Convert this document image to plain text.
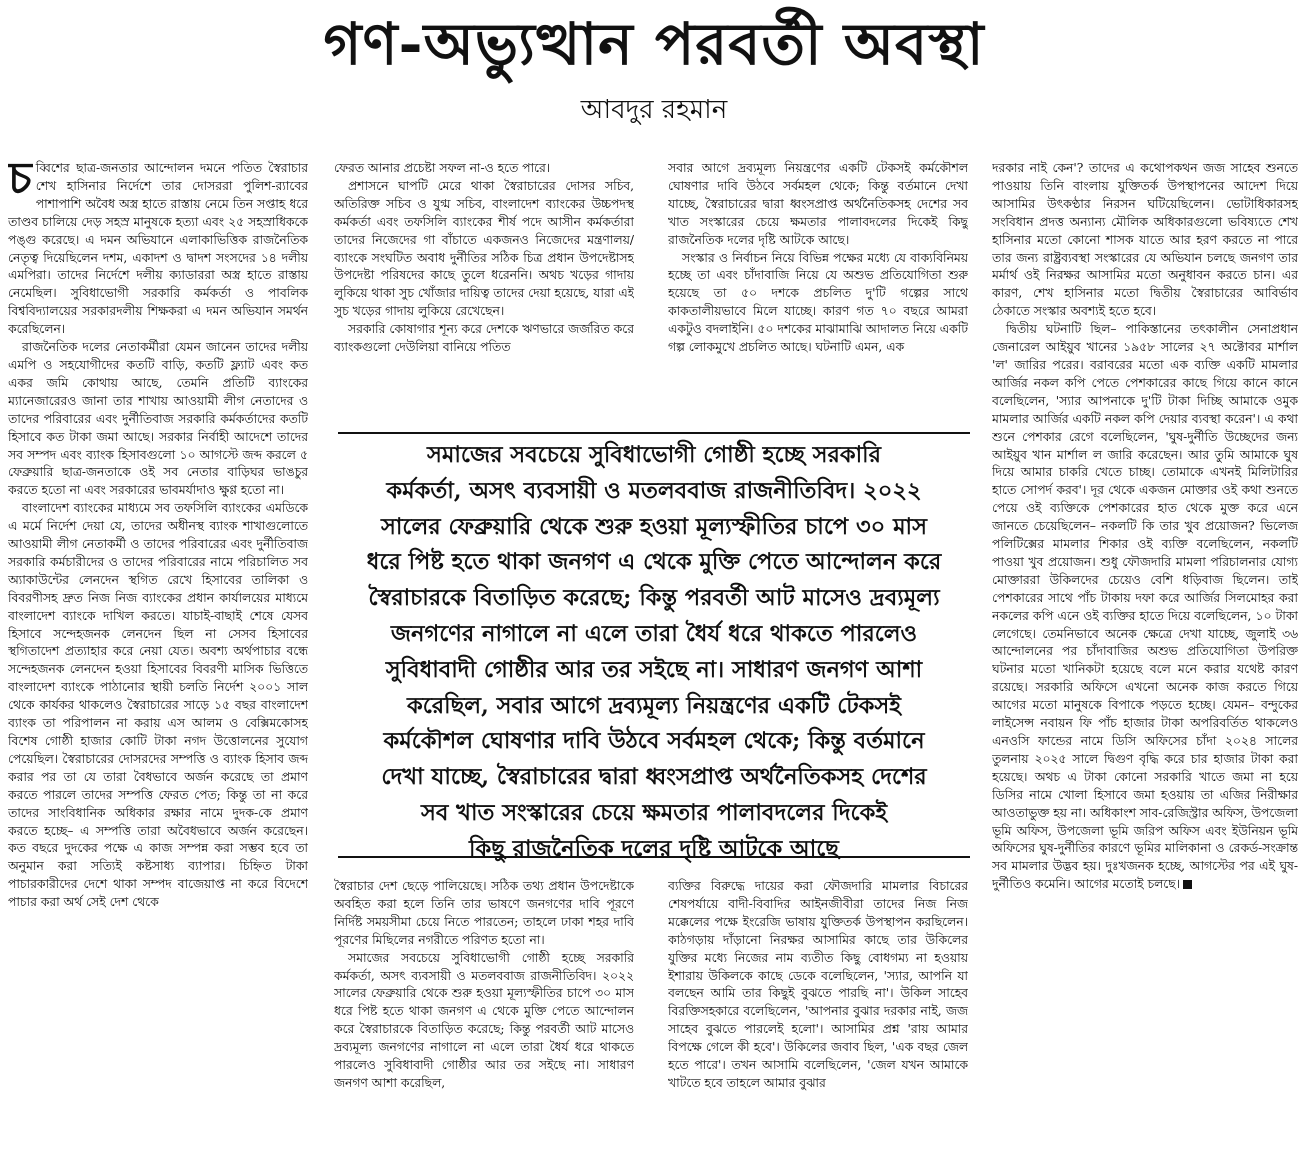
গণ-অভ্যুত্থান পরবর্তী অবস্থা
আবদুর রহমান

চব্বিশের ছাত্র-জনতার আন্দোলন দমনে পতিত স্বৈরাচার শেখ হাসিনার নির্দেশে তার দোসররা পুলিশ-র‍্যাবের পাশাপাশি অবৈধ অস্ত্র হাতে রাস্তায় নেমে তিন সপ্তাহ ধরে তাণ্ডব চালিয়ে দেড় সহস্র মানুষকে হত্যা এবং ২৫ সহস্রাধিককে পঙ্গু করেছে। এ দমন অভিযানে এলাকাভিত্তিক রাজনৈতিক নেতৃত্ব দিয়েছিলেন দশম, একাদশ ও দ্বাদশ সংসদের ১৪ দলীয় এমপিরা। তাদের নির্দেশে দলীয় ক্যাডাররা অস্ত্র হাতে রাস্তায় নেমেছিল। সুবিধাভোগী সরকারি কর্মকর্তা ও পাবলিক বিশ্ববিদ্যালয়ের সরকারদলীয় শিক্ষকরা এ দমন অভিযান সমর্থন করেছিলেন।

রাজনৈতিক দলের নেতাকর্মীরা যেমন জানেন তাদের দলীয় এমপি ও সহযোগীদের কতটি বাড়ি, কতটি ফ্ল্যাট এবং কত একর জমি কোথায় আছে, তেমনি প্রতিটি ব্যাংকের ম্যানেজারেরও জানা তার শাখায় আওয়ামী লীগ নেতাদের ও তাদের পরিবারের এবং দুর্নীতিবাজ সরকারি কর্মকর্তাদের কতটি হিসাবে কত টাকা জমা আছে। সরকার নির্বাহী আদেশে তাদের সব সম্পদ এবং ব্যাংক হিসাবগুলো ১০ আগস্টে জব্দ করলে ৫ ফেব্রুয়ারি ছাত্র-জনতাকে ওই সব নেতার বাড়িঘর ভাঙচুর করতে হতো না এবং সরকারের ভাবমর্যাদাও ক্ষুণ্ণ হতো না।

বাংলাদেশ ব্যাংকের মাধ্যমে সব তফসিলি ব্যাংকের এমডিকে এ মর্মে নির্দেশ দেয়া যে, তাদের অধীনস্থ ব্যাংক শাখাগুলোতে আওয়ামী লীগ নেতাকর্মী ও তাদের পরিবারের এবং দুর্নীতিবাজ সরকারি কর্মচারীদের ও তাদের পরিবারের নামে পরিচালিত সব অ্যাকাউন্টের লেনদেন স্থগিত রেখে হিসাবের তালিকা ও বিবরণীসহ দ্রুত নিজ নিজ ব্যাংকের প্রধান কার্যালয়ের মাধ্যমে বাংলাদেশ ব্যাংকে দাখিল করতে। যাচাই-বাছাই শেষে যেসব হিসাবে সন্দেহজনক লেনদেন ছিল না সেসব হিসাবের স্থগিতাদেশ প্রত্যাহার করে নেয়া যেত। অবশ্য অর্থপাচার বন্ধে সন্দেহজনক লেনদেন হওয়া হিসাবের বিবরণী মাসিক ভিত্তিতে বাংলাদেশ ব্যাংকে পাঠানোর স্থায়ী চলতি নির্দেশ ২০০১ সাল থেকে কার্যকর থাকলেও স্বৈরাচারের সাড়ে ১৫ বছর বাংলাদেশ ব্যাংক তা পরিপালন না করায় এস আলম ও বেক্সিমকোসহ বিশেষ গোষ্ঠী হাজার কোটি টাকা নগদ উত্তোলনের সুযোগ পেয়েছিল। স্বৈরাচারের দোসরদের সম্পত্তি ও ব্যাংক হিসাব জব্দ করার পর তা যে তারা বৈধভাবে অর্জন করেছে তা প্রমাণ করতে পারলে তাদের সম্পত্তি ফেরত পেত; কিন্তু তা না করে তাদের সাংবিধানিক অধিকার রক্ষার নামে দুদক-কে প্রমাণ করতে হচ্ছে– এ সম্পত্তি তারা অবৈধভাবে অর্জন করেছেন। কত বছরে দুদকের পক্ষে এ কাজ সম্পন্ন করা সম্ভব হবে তা অনুমান করা সত্যিই কষ্টসাধ্য ব্যাপার। চিহ্নিত টাকা পাচারকারীদের দেশে থাকা সম্পদ বাজেয়াপ্ত না করে বিদেশে পাচার করা অর্থ সেই দেশ থেকে

ফেরত আনার প্রচেষ্টা সফল না-ও হতে পারে।

প্রশাসনে ঘাপটি মেরে থাকা স্বৈরাচারের দোসর সচিব, অতিরিক্ত সচিব ও যুগ্ম সচিব, বাংলাদেশ ব্যাংকের উচ্চপদস্থ কর্মকর্তা এবং তফসিলি ব্যাংকের শীর্ষ পদে আসীন কর্মকর্তারা তাদের নিজেদের গা বাঁচাতে একজনও নিজেদের মন্ত্রণালয়/ব্যাংকে সংঘটিত অবাধ দুর্নীতির সঠিক চিত্র প্রধান উপদেষ্টাসহ উপদেষ্টা পরিষদের কাছে তুলে ধরেননি। অথচ খড়ের গাদায় লুকিয়ে থাকা সুচ খোঁজার দায়িত্ব তাদের দেয়া হয়েছে, যারা এই সুচ খড়ের গাদায় লুকিয়ে রেখেছেন।

সরকারি কোষাগার শূন্য করে দেশকে ঋণভারে জর্জরিত করে ব্যাংকগুলো দেউলিয়া বানিয়ে পতিত

সবার আগে দ্রব্যমূল্য নিয়ন্ত্রণের একটি টেকসই কর্মকৌশল ঘোষণার দাবি উঠবে সর্বমহল থেকে; কিন্তু বর্তমানে দেখা যাচ্ছে, স্বৈরাচারের দ্বারা ধ্বংসপ্রাপ্ত অর্থনৈতিকসহ দেশের সব খাত সংস্কারের চেয়ে ক্ষমতার পালাবদলের দিকেই কিছু রাজনৈতিক দলের দৃষ্টি আটকে আছে।

সংস্কার ও নির্বাচন নিয়ে বিভিন্ন পক্ষের মধ্যে যে বাক্যবিনিময় হচ্ছে তা এবং চাঁদাবাজি নিয়ে যে অশুভ প্রতিযোগিতা শুরু হয়েছে তা ৫০ দশকে প্রচলিত দু'টি গল্পের সাথে কাকতালীয়ভাবে মিলে যাচ্ছে। কারণ গত ৭০ বছরে আমরা একটুও বদলাইনি। ৫০ দশকের মাঝামাঝি আদালত নিয়ে একটি গল্প লোকমুখে প্রচলিত আছে। ঘটনাটি এমন, এক

দরকার নাই কেন'? তাদের এ কথোপকথন জজ সাহেব শুনতে পাওয়ায় তিনি বাংলায় যুক্তিতর্ক উপস্থাপনের আদেশ দিয়ে আসামির উৎকণ্ঠার নিরসন ঘটিয়েছিলেন। ভোটাধিকারসহ সংবিধান প্রদত্ত অন্যান্য মৌলিক অধিকারগুলো ভবিষ্যতে শেখ হাসিনার মতো কোনো শাসক যাতে আর হরণ করতে না পারে তার জন্য রাষ্ট্রব্যবস্থা সংস্কারের যে অভিযান চলছে জনগণ তার মর্মার্থ ওই নিরক্ষর আসামির মতো অনুধাবন করতে চান। এর কারণ, শেখ হাসিনার মতো দ্বিতীয় স্বৈরাচারের আবির্ভাব ঠেকাতে সংস্কার অবশ্যই হতে হবে।

দ্বিতীয় ঘটনাটি ছিল– পাকিস্তানের তৎকালীন সেনাপ্রধান জেনারেল আইয়ুব খানের ১৯৫৮ সালের ২৭ অক্টোবর মার্শাল 'ল' জারির পরের। বরাবরের মতো এক ব্যক্তি একটি মামলার আর্জির নকল কপি পেতে পেশকারের কাছে গিয়ে কানে কানে বলেছিলেন, 'স্যার আপনাকে দু'টি টাকা দিচ্ছি আমাকে ওমুক মামলার আর্জির একটি নকল কপি দেয়ার ব্যবস্থা করেন'। এ কথা শুনে পেশকার রেগে বলেছিলেন, 'ঘুষ-দুর্নীতি উচ্ছেদের জন্য আইয়ুব খান মার্শাল ল জারি করেছেন। আর তুমি আমাকে ঘুষ দিয়ে আমার চাকরি খেতে চাচ্ছ। তোমাকে এখনই মিলিটারির হাতে সোপর্দ করব'। দূর থেকে একজন মোক্তার ওই কথা শুনতে পেয়ে ওই ব্যক্তিকে পেশকারের হাত থেকে মুক্ত করে এনে জানতে চেয়েছিলেন– নকলটি কি তার খুব প্রয়োজন? ভিলেজ পলিটিক্সের মামলার শিকার ওই ব্যক্তি বলেছিলেন, নকলটি পাওয়া খুব প্রয়োজন। শুধু ফৌজদারি মামলা পরিচালনার যোগ্য মোক্তাররা উকিলদের চেয়েও বেশি ধড়িবাজ ছিলেন। তাই পেশকারের সাথে পাঁচ টাকায় দফা করে আর্জির সিলমোহর করা নকলের কপি এনে ওই ব্যক্তির হাতে দিয়ে বলেছিলেন, ১০ টাকা লেগেছে। তেমনিভাবে অনেক ক্ষেত্রে দেখা যাচ্ছে, জুলাই ৩৬ আন্দোলনের পর চাঁদাবাজির অশুভ প্রতিযোগিতা উপরিক্ত ঘটনার মতো খানিকটা হয়েছে বলে মনে করার যথেষ্ট কারণ রয়েছে। সরকারি অফিসে এখনো অনেক কাজ করতে গিয়ে আগের মতো মানুষকে বিপাকে পড়তে হচ্ছে। যেমন– বন্দুকের লাইসেন্স নবায়ন ফি পাঁচ হাজার টাকা অপরিবর্তিত থাকলেও এনওসি ফান্ডের নামে ডিসি অফিসের চাঁদা ২০২৪ সালের তুলনায় ২০২৫ সালে দ্বিগুণ বৃদ্ধি করে চার হাজার টাকা করা হয়েছে। অথচ এ টাকা কোনো সরকারি খাতে জমা না হয়ে ডিসির নামে খোলা হিসাবে জমা হওয়ায় তা এজির নিরীক্ষার আওতাভুক্ত হয় না। অধিকাংশ সাব-রেজিস্ট্রার অফিস, উপজেলা ভূমি অফিস, উপজেলা ভূমি জরিপ অফিস এবং ইউনিয়ন ভূমি অফিসের ঘুষ-দুর্নীতির কারণে ভূমির মালিকানা ও রেকর্ড-সংক্রান্ত সব মামলার উদ্ভব হয়। দুঃখজনক হচ্ছে, আগস্টের পর এই ঘুষ-দুর্নীতিও কমেনি। আগের মতোই চলছে।

সমাজের সবচেয়ে সুবিধাভোগী গোষ্ঠী হচ্ছে সরকারি
কর্মকর্তা, অসৎ ব্যবসায়ী ও মতলববাজ রাজনীতিবিদ। ২০২২
সালের ফেব্রুয়ারি থেকে শুরু হওয়া মূল্যস্ফীতির চাপে ৩০ মাস
ধরে পিষ্ট হতে থাকা জনগণ এ থেকে মুক্তি পেতে আন্দোলন করে
স্বৈরাচারকে বিতাড়িত করেছে; কিন্তু পরবর্তী আট মাসেও দ্রব্যমূল্য
জনগণের নাগালে না এলে তারা ধৈর্য ধরে থাকতে পারলেও
সুবিধাবাদী গোষ্ঠীর আর তর সইছে না। সাধারণ জনগণ আশা
করেছিল, সবার আগে দ্রব্যমূল্য নিয়ন্ত্রণের একটি টেকসই
কর্মকৌশল ঘোষণার দাবি উঠবে সর্বমহল থেকে; কিন্তু বর্তমানে
দেখা যাচ্ছে, স্বৈরাচারের দ্বারা ধ্বংসপ্রাপ্ত অর্থনৈতিকসহ দেশের
সব খাত সংস্কারের চেয়ে ক্ষমতার পালাবদলের দিকেই
কিছু রাজনৈতিক দলের দৃষ্টি আটকে আছে

স্বৈরাচার দেশ ছেড়ে পালিয়েছে। সঠিক তথ্য প্রধান উপদেষ্টাকে অবহিত করা হলে তিনি তার ভাষণে জনগণের দাবি পূরণে নির্দিষ্ট সময়সীমা চেয়ে নিতে পারতেন; তাহলে ঢাকা শহর দাবি পূরণের মিছিলের নগরীতে পরিণত হতো না।

সমাজের সবচেয়ে সুবিধাভোগী গোষ্ঠী হচ্ছে সরকারি কর্মকর্তা, অসৎ ব্যবসায়ী ও মতলববাজ রাজনীতিবিদ। ২০২২ সালের ফেব্রুয়ারি থেকে শুরু হওয়া মূল্যস্ফীতির চাপে ৩০ মাস ধরে পিষ্ট হতে থাকা জনগণ এ থেকে মুক্তি পেতে আন্দোলন করে স্বৈরাচারকে বিতাড়িত করেছে; কিন্তু পরবর্তী আট মাসেও দ্রব্যমূল্য জনগণের নাগালে না এলে তারা ধৈর্য ধরে থাকতে পারলেও সুবিধাবাদী গোষ্ঠীর আর তর সইছে না। সাধারণ জনগণ আশা করেছিল,

ব্যক্তির বিরুদ্ধে দায়ের করা ফৌজদারি মামলার বিচারের শেষপর্যায়ে বাদী-বিবাদির আইনজীবীরা তাদের নিজ নিজ মক্কেলের পক্ষে ইংরেজি ভাষায় যুক্তিতর্ক উপস্থাপন করছিলেন। কাঠগড়ায় দাঁড়ানো নিরক্ষর আসামির কাছে তার উকিলের যুক্তির মধ্যে নিজের নাম ব্যতীত কিছু বোধগম্য না হওয়ায় ইশারায় উকিলকে কাছে ডেকে বলেছিলেন, 'স্যার, আপনি যা বলছেন আমি তার কিছুই বুঝতে পারছি না'। উকিল সাহেব বিরক্তিসহকারে বলেছিলেন, 'আপনার বুঝার দরকার নাই, জজ সাহেব বুঝতে পারলেই হলো'। আসামির প্রশ্ন 'রায় আমার বিপক্ষে গেলে কী হবে'। উকিলের জবাব ছিল, 'এক বছর জেল হতে পারে'। তখন আসামি বলেছিলেন, 'জেল যখন আমাকে খাটতে হবে তাহলে আমার বুঝার
